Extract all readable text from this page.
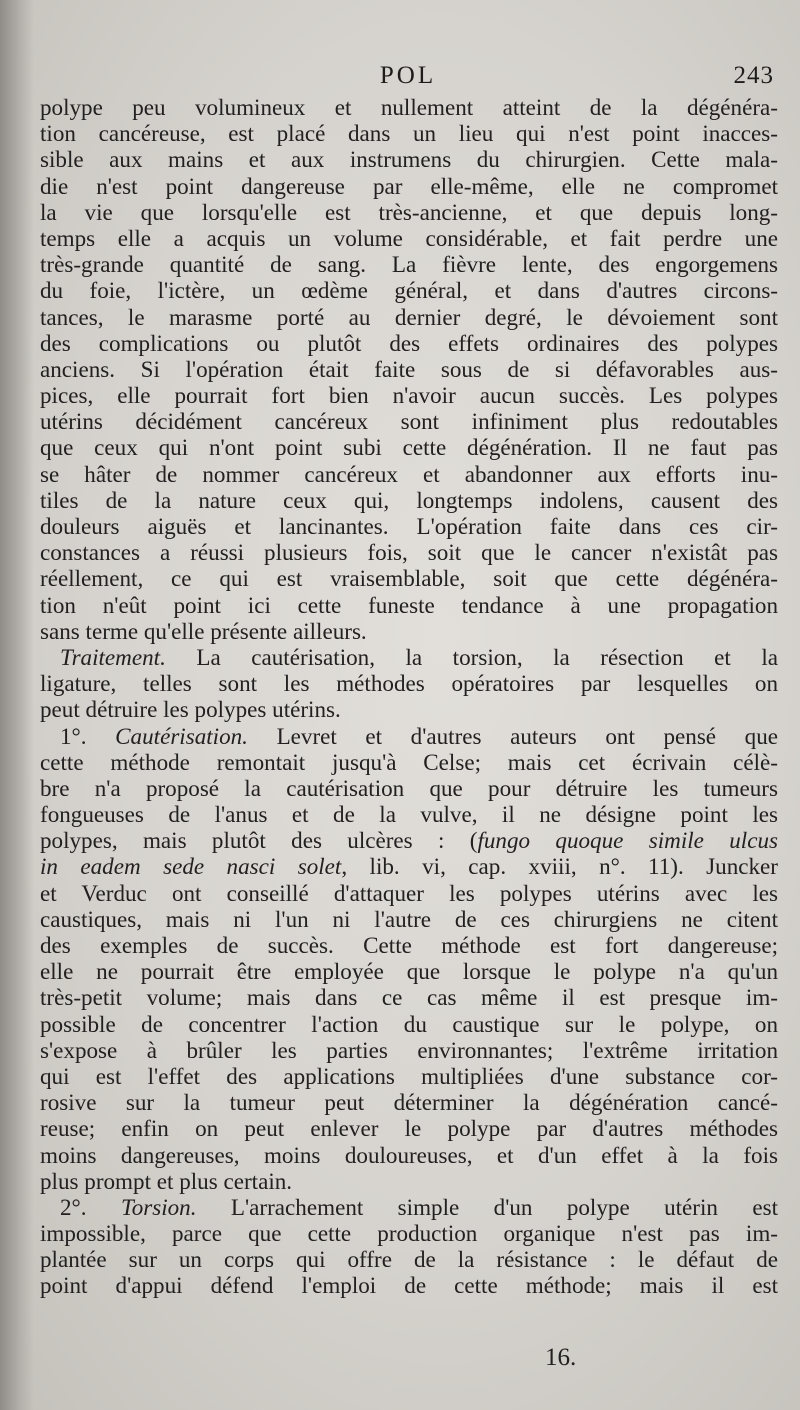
POL	243
polype peu volumineux et nullement atteint de la dégénéra-
tion cancéreuse, est placé dans un lieu qui n'est point inacces-
sible aux mains et aux instrumens du chirurgien. Cette mala-
die n'est point dangereuse par elle-même, elle ne compromet
la vie que lorsqu'elle est très-ancienne, et que depuis long-
temps elle a acquis un volume considérable, et fait perdre une
très-grande quantité de sang. La fièvre lente, des engorgemens
du foie, l'ictère, un œdème général, et dans d'autres circons-
tances, le marasme porté au dernier degré, le dévoiement sont
des complications ou plutôt des effets ordinaires des polypes
anciens. Si l'opération était faite sous de si défavorables aus-
pices, elle pourrait fort bien n'avoir aucun succès. Les polypes
utérins décidément cancéreux sont infiniment plus redoutables
que ceux qui n'ont point subi cette dégénération. Il ne faut pas
se hâter de nommer cancéreux et abandonner aux efforts inu-
tiles de la nature ceux qui, longtemps indolens, causent des
douleurs aiguës et lancinantes. L'opération faite dans ces cir-
constances a réussi plusieurs fois, soit que le cancer n'existât pas
réellement, ce qui est vraisemblable, soit que cette dégénéra-
tion n'eût point ici cette funeste tendance à une propagation
sans terme qu'elle présente ailleurs.
Traitement. La cautérisation, la torsion, la résection et la
ligature, telles sont les méthodes opératoires par lesquelles on
peut détruire les polypes utérins.
1°. Cautérisation. Levret et d'autres auteurs ont pensé que
cette méthode remontait jusqu'à Celse; mais cet écrivain célè-
bre n'a proposé la cautérisation que pour détruire les tumeurs
fongueuses de l'anus et de la vulve, il ne désigne point les
polypes, mais plutôt des ulcères : (fungo quoque simile ulcus
in eadem sede nasci solet, lib. vi, cap. xviii, n°. 11). Juncker
et Verduc ont conseillé d'attaquer les polypes utérins avec les
caustiques, mais ni l'un ni l'autre de ces chirurgiens ne citent
des exemples de succès. Cette méthode est fort dangereuse;
elle ne pourrait être employée que lorsque le polype n'a qu'un
très-petit volume; mais dans ce cas même il est presque im-
possible de concentrer l'action du caustique sur le polype, on
s'expose à brûler les parties environnantes; l'extrême irritation
qui est l'effet des applications multipliées d'une substance cor-
rosive sur la tumeur peut déterminer la dégénération cancé-
reuse; enfin on peut enlever le polype par d'autres méthodes
moins dangereuses, moins douloureuses, et d'un effet à la fois
plus prompt et plus certain.
2°. Torsion. L'arrachement simple d'un polype utérin est
impossible, parce que cette production organique n'est pas im-
plantée sur un corps qui offre de la résistance : le défaut de
point d'appui défend l'emploi de cette méthode; mais il est
16.
